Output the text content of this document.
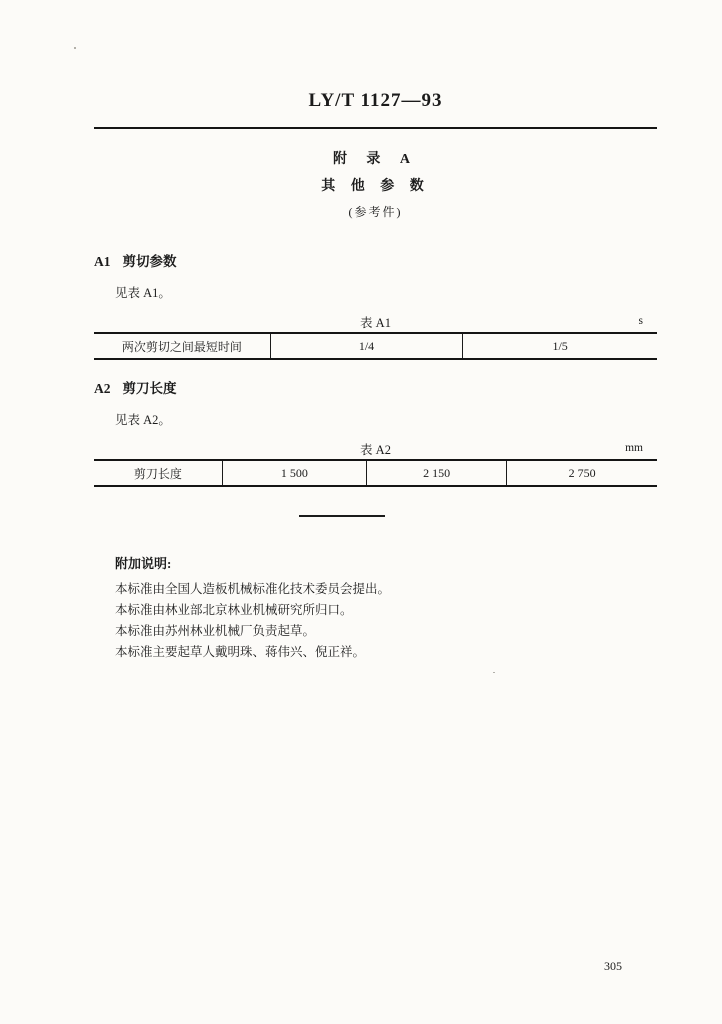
LY/T 1127—93
附 录 A
其 他 参 数
(参考件)
A1 剪切参数
见表 A1。
表 A1	s
两次剪切之间最短时间	1/4	1/5
A2 剪刀长度
见表 A2。
表 A2	mm
剪刀长度	1 500	2 150	2 750
附加说明:
本标准由全国人造板机械标准化技术委员会提出。
本标准由林业部北京林业机械研究所归口。
本标准由苏州林业机械厂负责起草。
本标准主要起草人戴明珠、蒋伟兴、倪正祥。
305
